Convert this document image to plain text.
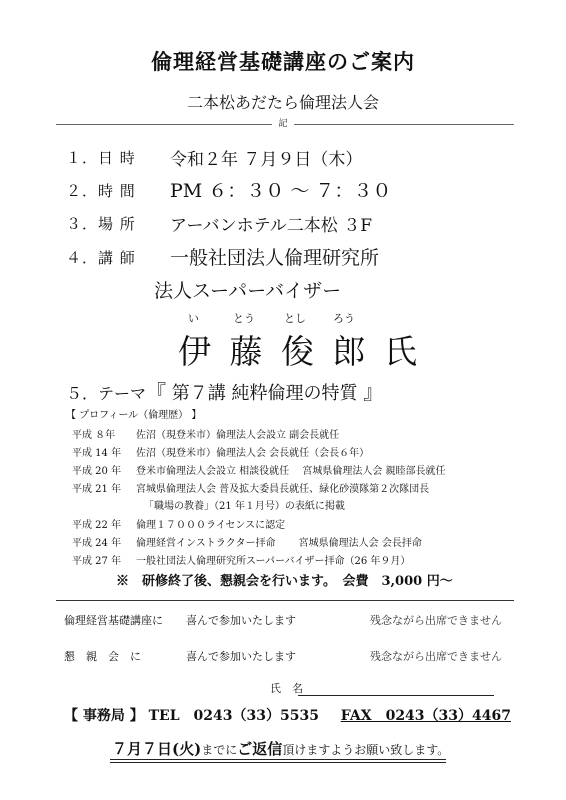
倫理経営基礎講座のご案内
二本松あだたら倫理法人会
記
１．日 時 令和２年 ７月９日（木）
２．時 間 PM ６：３０ 〜 ７：３０
３．場 所 アーバンホテル二本松 ３F
４．講 師 一般社団法人倫理研究所
法人スーパーバイザー
い	とう	とし ろう
伊 藤 俊 郎 氏
５．テーマ『 第７講 純粋倫理の特質 』
【 プロフィール（倫理歴） 】
平成 ８年 佐沼（現登米市）倫理法人会設立 副会長就任
平成 14 年 佐沼（現登米市）倫理法人会 会長就任（会長６年）
平成 20 年 登米市倫理法人会設立 相談役就任　 宮城県倫理法人会 親睦部長就任
平成 21 年 宮城県倫理法人会 普及拡大委員長就任、緑化砂漠隊第２次隊団長
「職場の教養」（21 年１月号）の表紙に掲載
平成 22 年 倫理１７０００ライセンスに認定
平成 24 年 倫理経営インストラクター拝命　　 宮城県倫理法人会 会長拝命
平成 27 年 一般社団法人倫理研究所スーパーバイザー拝命（26 年９月）
※　研修終了後、懇親会を行います。　会費　3,000 円〜
倫理経営基礎講座に 喜んで参加いたします	残念ながら出席できません
懇　親　会　に	喜んで参加いたします	残念ながら出席できません
氏　名
【 事務局 】 TEL　0243（33）5535 FAX　0243（33）4467
７月７日(火)までにご返信頂けますようお願い致します。
